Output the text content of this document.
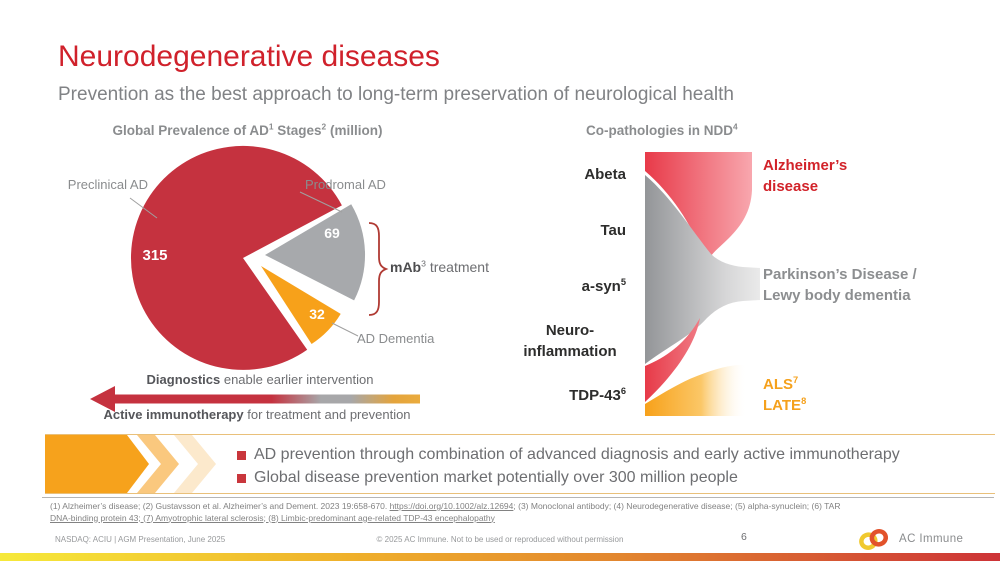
Neurodegenerative diseases
Prevention as the best approach to long-term preservation of neurological health
Global Prevalence of $AD^1$ Stages$^2$ (million)
315
69
32
Preclinical AD	Prodromal AD
AD Dementia
mAb$^3$ treatment
Diagnostics enable earlier intervention
Active immunotherapy for treatment and prevention
Co-pathologies in NDD$^4$
Abeta
Tau
a-syn$^5$
Neuro-
inflammation
TDP-$43^6$
Alzheimer’s
disease
Parkinson’s Disease /
Lewy body dementia
ALS$^7$
LATE$^8$
AD prevention through combination of advanced diagnosis and early active immunotherapy
Global disease prevention market potentially over 300 million people
(1) Alzheimer’s disease; (2) Gustavsson et al. Alzheimer’s and Dement. 2023 19:658-670. https://doi.org/10.1002/alz.12694; (3) Monoclonal antibody; (4) Neurodegenerative disease; (5) alpha-synuclein; (6) TAR
DNA-binding protein 43; (7) Amyotrophic lateral sclerosis; (8) Limbic-predominant age-related TDP-43 encephalopathy
NASDAQ: ACIU | AGM Presentation, June 2025	© 2025 AC Immune. Not to be used or reproduced without permission	6	AC Immune
